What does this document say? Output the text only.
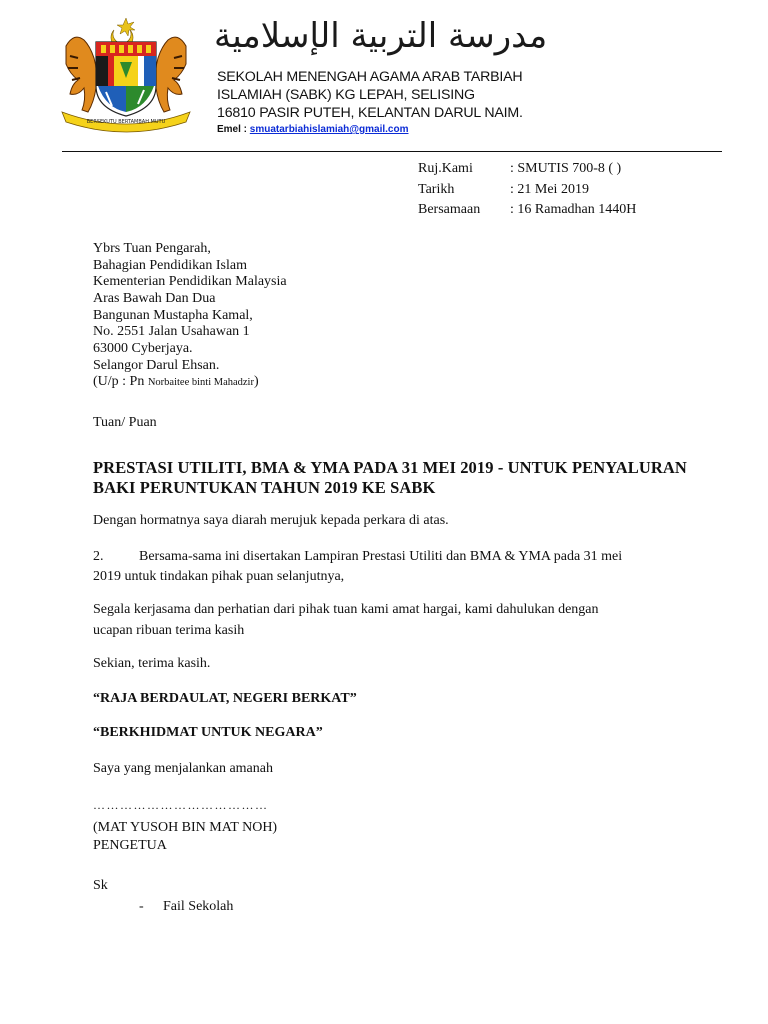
BERSEKUTU BERTAMBAH MUTU
مدرسة التربية الإسلامية
SEKOLAH MENENGAH AGAMA ARAB TARBIAH
ISLAMIAH (SABK) KG LEPAH, SELISING
16810 PASIR PUTEH, KELANTAN DARUL NAIM.
Emel : smuatarbiahislamiah@gmail.com
Ruj.Kami	: SMUTIS 700-8 ( )
Tarikh	: 21 Mei 2019
Bersamaan : 16 Ramadhan 1440H
Ybrs Tuan Pengarah,
Bahagian Pendidikan Islam
Kementerian Pendidikan Malaysia
Aras Bawah Dan Dua
Bangunan Mustapha Kamal,
No. 2551 Jalan Usahawan 1
63000 Cyberjaya.
Selangor Darul Ehsan.
(U/p : Pn Norbaitee binti Mahadzir)
Tuan/ Puan
PRESTASI UTILITI, BMA & YMA PADA 31 MEI 2019 - UNTUK PENYALURAN BAKI PERUNTUKAN TAHUN 2019 KE SABK
Dengan hormatnya saya diarah merujuk kepada perkara di atas.
2.	Bersama-sama ini disertakan Lampiran Prestasi Utiliti dan BMA & YMA pada 31 mei
2019 untuk tindakan pihak puan selanjutnya,
Segala kerjasama dan perhatian dari pihak tuan kami amat hargai, kami dahulukan dengan
ucapan ribuan terima kasih
Sekian, terima kasih.
“RAJA BERDAULAT, NEGERI BERKAT”
“BERKHIDMAT UNTUK NEGARA”
Saya yang menjalankan amanah
…………………………………
(MAT YUSOH BIN MAT NOH)
PENGETUA
Sk
- Fail Sekolah
